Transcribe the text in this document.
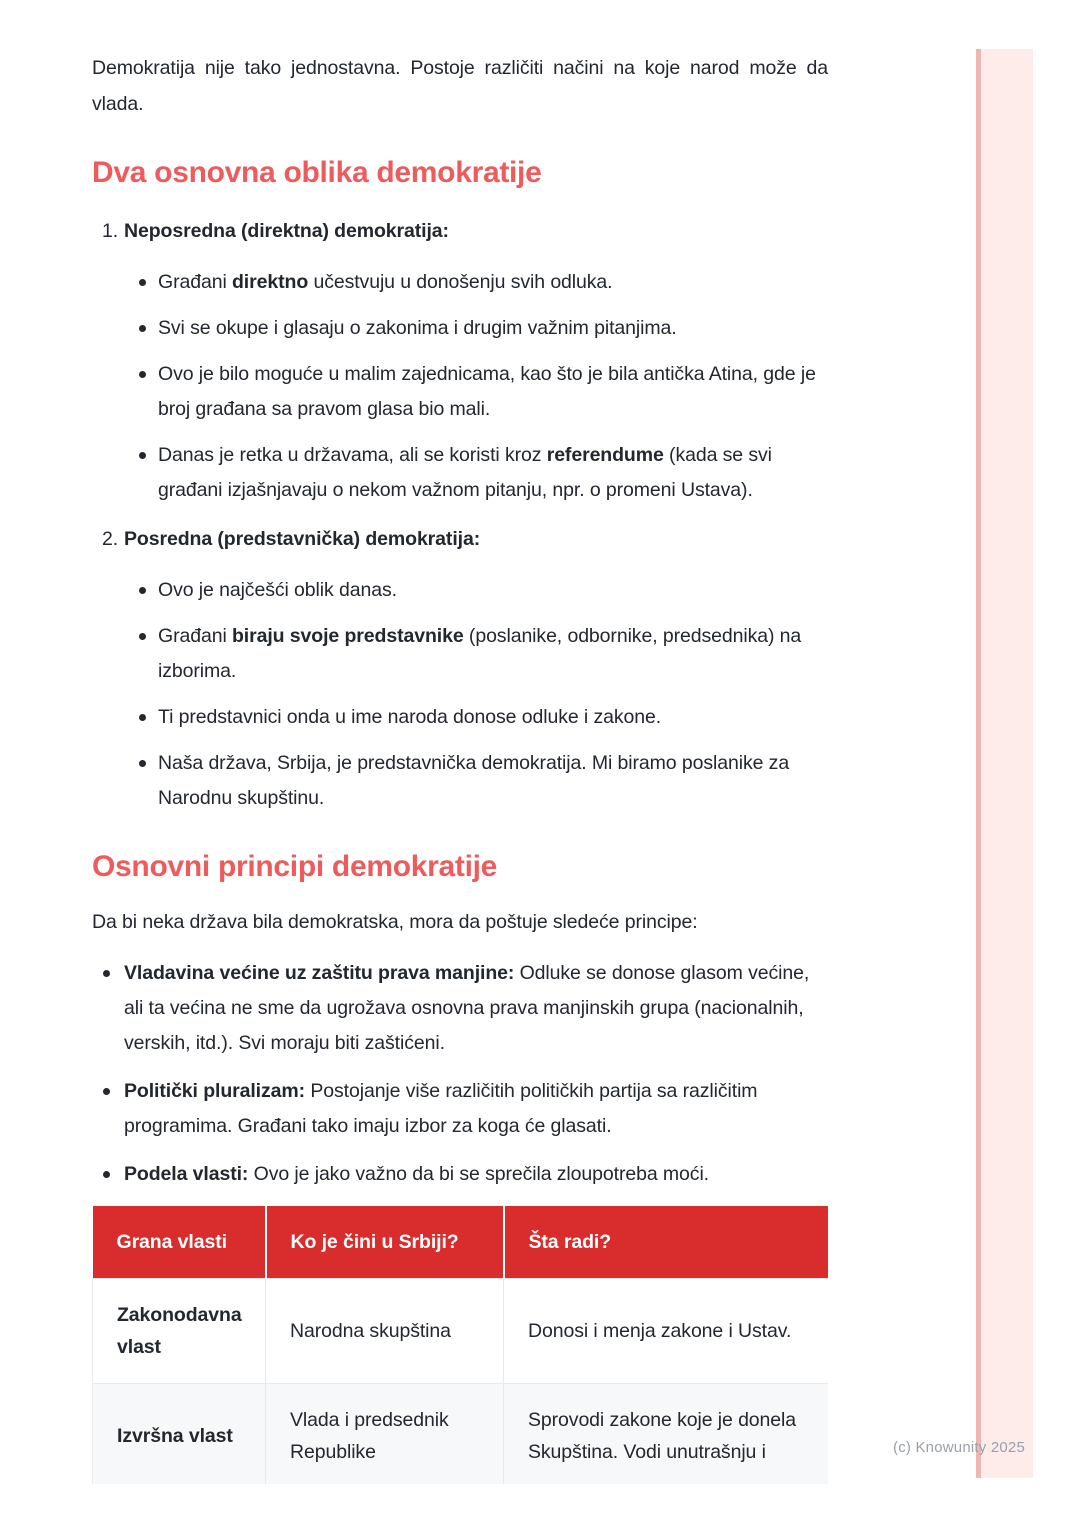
Demokratija nije tako jednostavna. Postoje različiti načini na koje narod može da vlada.

Dva osnovna oblika demokratije
1. Neposredna (direktna) demokratija:
Građani direktno učestvuju u donošenju svih odluka.
Svi se okupe i glasaju o zakonima i drugim važnim pitanjima.
Ovo je bilo moguće u malim zajednicama, kao što je bila antička Atina, gde je broj građana sa pravom glasa bio mali.
Danas je retka u državama, ali se koristi kroz referendume (kada se svi građani izjašnjavaju o nekom važnom pitanju, npr. o promeni Ustava).
2. Posredna (predstavnička) demokratija:
Ovo je najčešći oblik danas.
Građani biraju svoje predstavnike (poslanike, odbornike, predsednika) na izborima.
Ti predstavnici onda u ime naroda donose odluke i zakone.
Naša država, Srbija, je predstavnička demokratija. Mi biramo poslanike za Narodnu skupštinu.
Osnovni principi demokratije

Da bi neka država bila demokratska, mora da poštuje sledeće principe:

Vladavina većine uz zaštitu prava manjine: Odluke se donose glasom većine, ali ta većina ne sme da ugrožava osnovna prava manjinskih grupa (nacionalnih, verskih, itd.). Svi moraju biti zaštićeni.
Politički pluralizam: Postojanje više različitih političkih partija sa različitim programima. Građani tako imaju izbor za koga će glasati.
Podela vlasti: Ovo je jako važno da bi se sprečila zloupotreba moći.
Grana vlasti	Ko je čini u Srbiji?	Šta radi?
Zakonodavna vlast	Narodna skupština	Donosi i menja zakone i Ustav.
Izvršna vlast	Vlada i predsednik Republike	Sprovodi zakone koje je donela Skupština. Vodi unutrašnju i	(c) Knowunity 2025
